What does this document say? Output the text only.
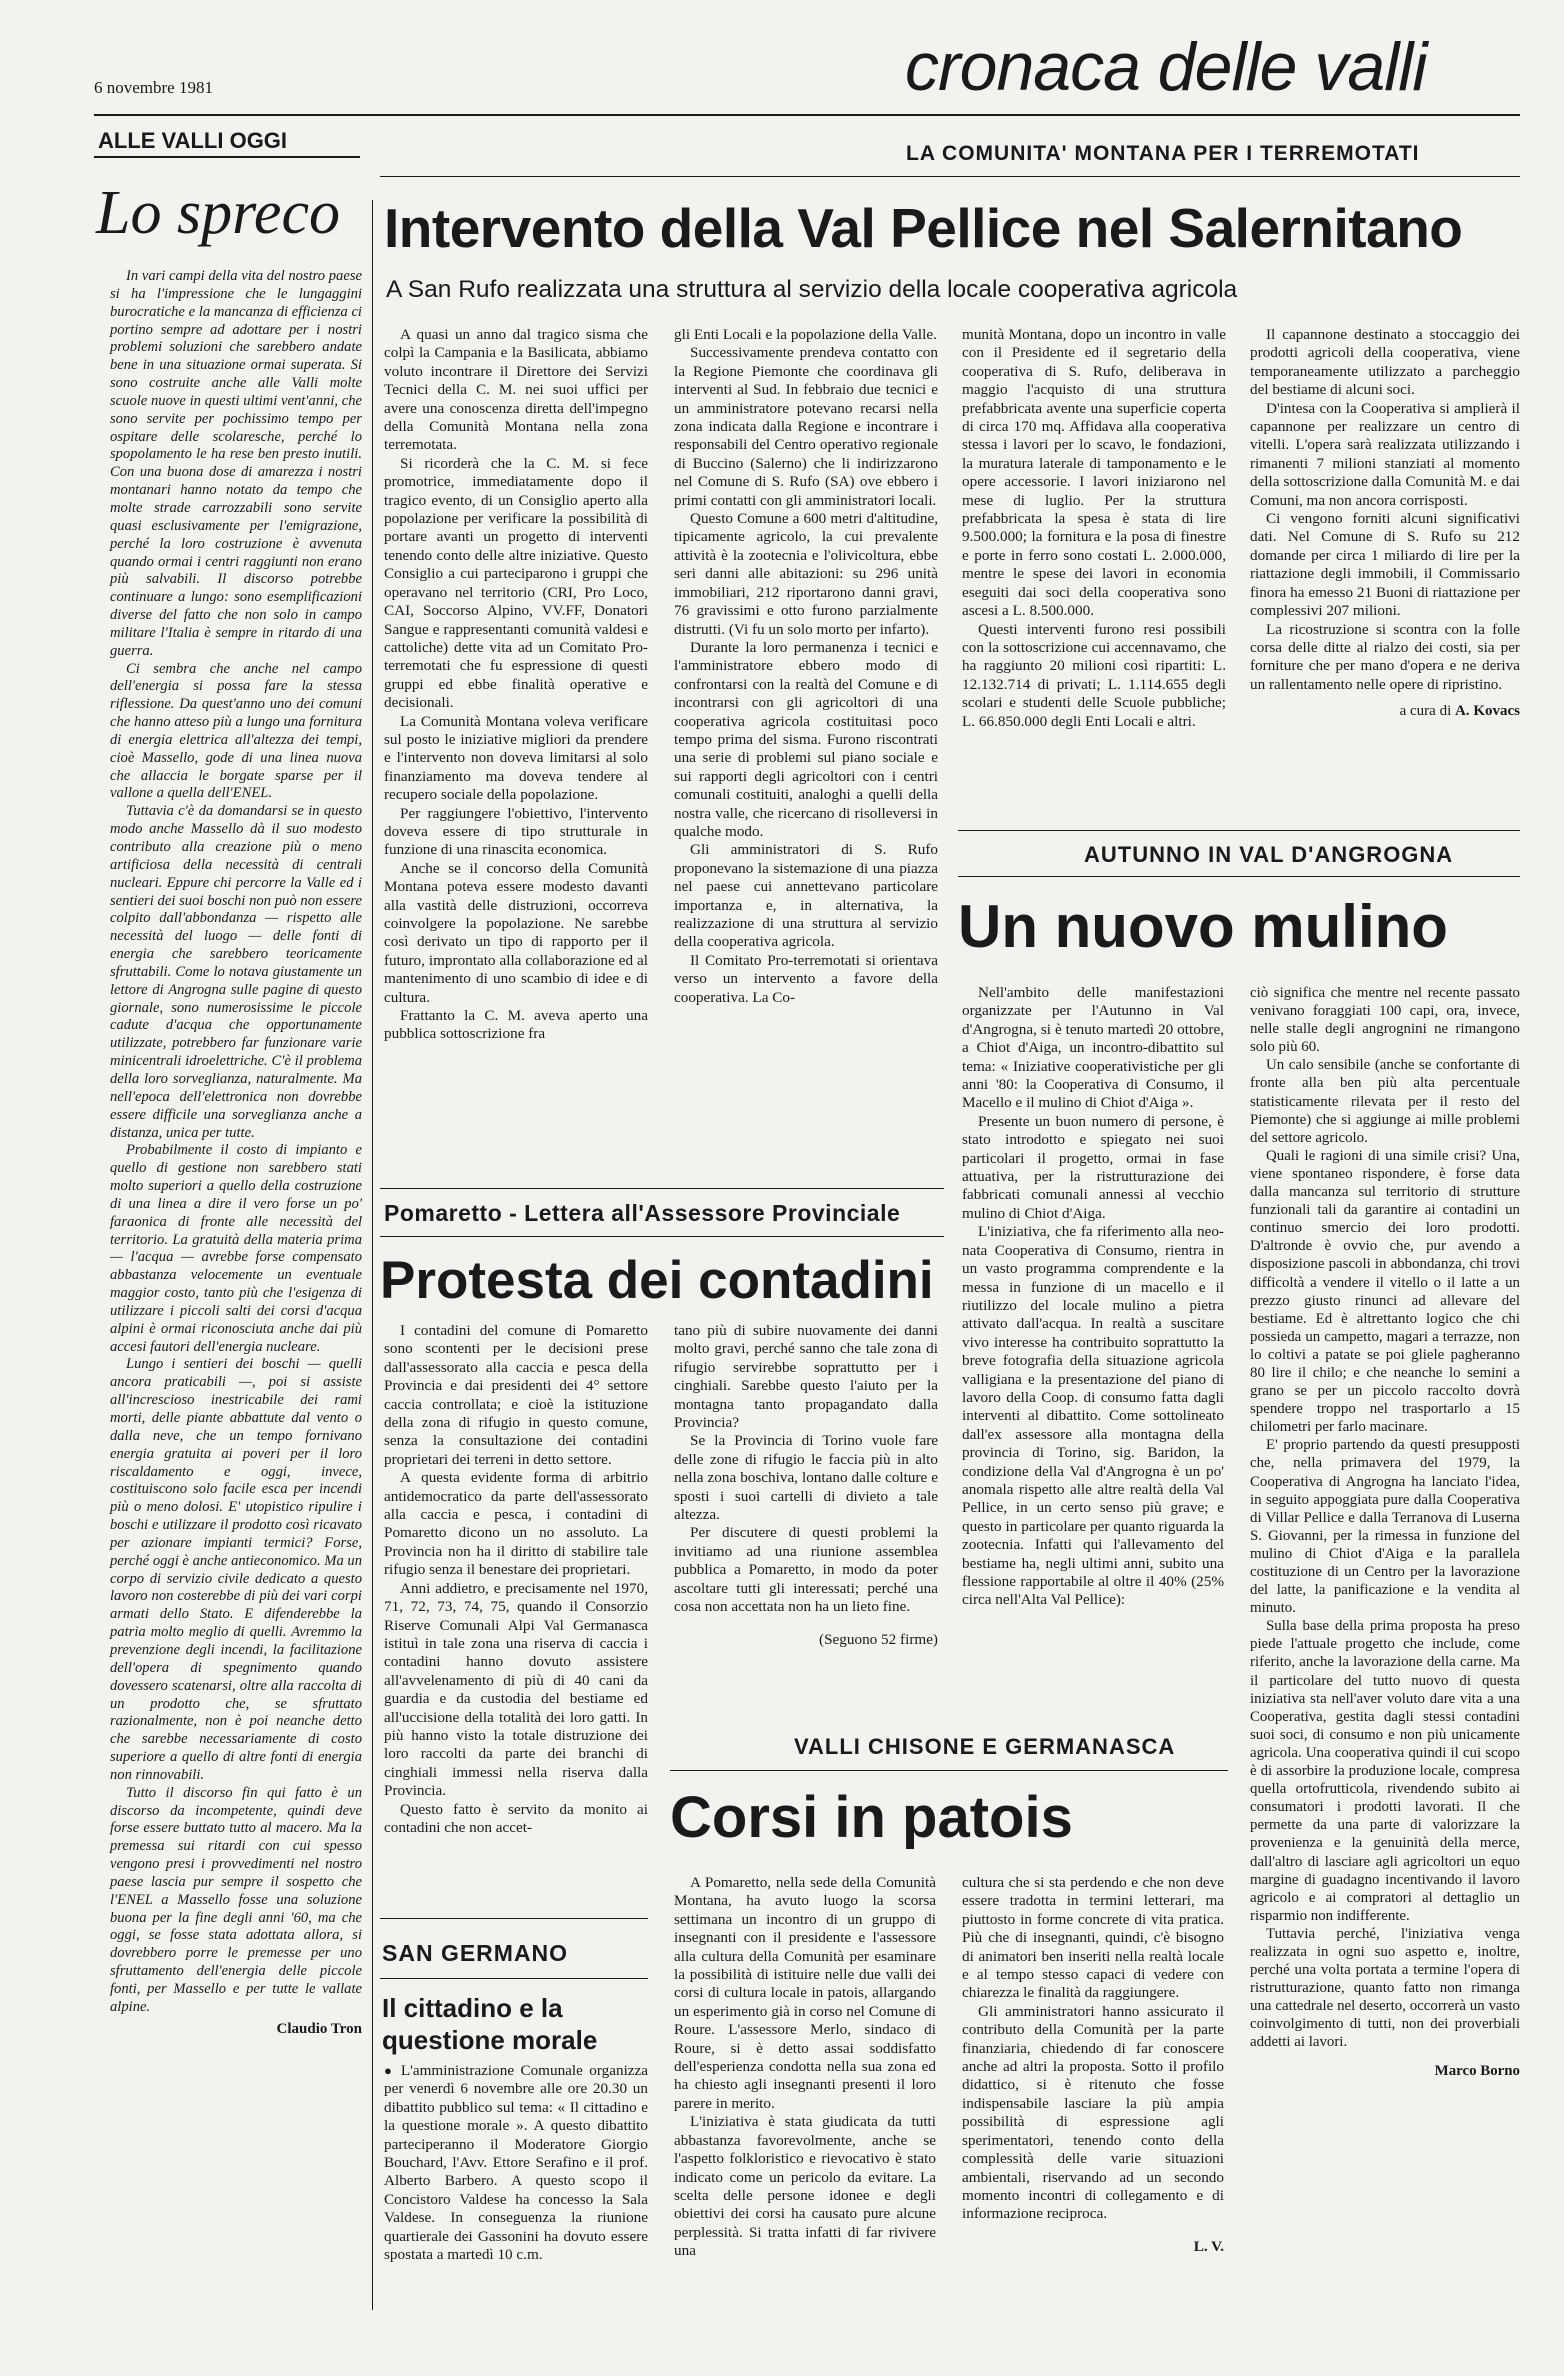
6 novembre 1981	cronaca delle valli
ALLE VALLI OGGI
Lo spreco

In vari campi della vita del nostro paese si ha l'impressione che le lungaggini burocratiche e la mancanza di efficienza ci portino sempre ad adottare per i nostri problemi soluzioni che sarebbero andate bene in una situazione ormai superata. Si sono costruite anche alle Valli molte scuole nuove in questi ultimi vent'anni, che sono servite per pochissimo tempo per ospitare delle scolaresche, perché lo spopolamento le ha rese ben presto inutili. Con una buona dose di amarezza i nostri montanari hanno notato da tempo che molte strade carrozzabili sono servite quasi esclusivamente per l'emigrazione, perché la loro costruzione è avvenuta quando ormai i centri raggiunti non erano più salvabili. Il discorso potrebbe continuare a lungo: sono esemplificazioni diverse del fatto che non solo in campo militare l'Italia è sempre in ritardo di una guerra.

Ci sembra che anche nel campo dell'energia si possa fare la stessa riflessione. Da quest'anno uno dei comuni che hanno atteso più a lungo una fornitura di energia elettrica all'altezza dei tempi, cioè Massello, gode di una linea nuova che allaccia le borgate sparse per il vallone a quella dell'ENEL.

Tuttavia c'è da domandarsi se in questo modo anche Massello dà il suo modesto contributo alla creazione più o meno artificiosa della necessità di centrali nucleari. Eppure chi percorre la Valle ed i sentieri dei suoi boschi non può non essere colpito dall'abbondanza — rispetto alle necessità del luogo — delle fonti di energia che sarebbero teoricamente sfruttabili. Come lo notava giustamente un lettore di Angrogna sulle pagine di questo giornale, sono numerosissime le piccole cadute d'acqua che opportunamente utilizzate, potrebbero far funzionare varie minicentrali idroelettriche. C'è il problema della loro sorveglianza, naturalmente. Ma nell'epoca dell'elettronica non dovrebbe essere difficile una sorveglianza anche a distanza, unica per tutte.

Probabilmente il costo di impianto e quello di gestione non sarebbero stati molto superiori a quello della costruzione di una linea a dire il vero forse un po' faraonica di fronte alle necessità del territorio. La gratuità della materia prima — l'acqua — avrebbe forse compensato abbastanza velocemente un eventuale maggior costo, tanto più che l'esigenza di utilizzare i piccoli salti dei corsi d'acqua alpini è ormai riconosciuta anche dai più accesi fautori dell'energia nucleare.

Lungo i sentieri dei boschi — quelli ancora praticabili —, poi si assiste all'increscioso inestricabile dei rami morti, delle piante abbattute dal vento o dalla neve, che un tempo fornivano energia gratuita ai poveri per il loro riscaldamento e oggi, invece, costituiscono solo facile esca per incendi più o meno dolosi. E' utopistico ripulire i boschi e utilizzare il prodotto così ricavato per azionare impianti termici? Forse, perché oggi è anche antieconomico. Ma un corpo di servizio civile dedicato a questo lavoro non costerebbe di più dei vari corpi armati dello Stato. E difenderebbe la patria molto meglio di quelli. Avremmo la prevenzione degli incendi, la facilitazione dell'opera di spegnimento quando dovessero scatenarsi, oltre alla raccolta di un prodotto che, se sfruttato razionalmente, non è poi neanche detto che sarebbe necessariamente di costo superiore a quello di altre fonti di energia non rinnovabili.

Tutto il discorso fin qui fatto è un discorso da incompetente, quindi deve forse essere buttato tutto al macero. Ma la premessa sui ritardi con cui spesso vengono presi i provvedimenti nel nostro paese lascia pur sempre il sospetto che l'ENEL a Massello fosse una soluzione buona per la fine degli anni '60, ma che oggi, se fosse stata adottata allora, si dovrebbero porre le premesse per uno sfruttamento dell'energia delle piccole fonti, per Massello e per tutte le vallate alpine.

Claudio Tron
LA COMUNITA' MONTANA PER I TERREMOTATI
Intervento della Val Pellice nel Salernitano
A San Rufo realizzata una struttura al servizio della locale cooperativa agricola

A quasi un anno dal tragico sisma che colpì la Campania e la Basilicata, abbiamo voluto incontrare il Direttore dei Servizi Tecnici della C. M. nei suoi uffici per avere una conoscenza diretta dell'impegno della Comunità Montana nella zona terremotata.

Si ricorderà che la C. M. si fece promotrice, immediatamente dopo il tragico evento, di un Consiglio aperto alla popolazione per verificare la possibilità di portare avanti un progetto di interventi tenendo conto delle altre iniziative. Questo Consiglio a cui parteciparono i gruppi che operavano nel territorio (CRI, Pro Loco, CAI, Soccorso Alpino, VV.FF, Donatori Sangue e rappresentanti comunità valdesi e cattoliche) dette vita ad un Comitato Pro-terremotati che fu espressione di questi gruppi ed ebbe finalità operative e decisionali.

La Comunità Montana voleva verificare sul posto le iniziative migliori da prendere e l'intervento non doveva limitarsi al solo finanziamento ma doveva tendere al recupero sociale della popolazione.

Per raggiungere l'obiettivo, l'intervento doveva essere di tipo strutturale in funzione di una rinascita economica.

Anche se il concorso della Comunità Montana poteva essere modesto davanti alla vastità delle distruzioni, occorreva coinvolgere la popolazione. Ne sarebbe così derivato un tipo di rapporto per il futuro, improntato alla collaborazione ed al mantenimento di uno scambio di idee e di cultura.

Frattanto la C. M. aveva aperto una pubblica sottoscrizione fra

gli Enti Locali e la popolazione della Valle.

Successivamente prendeva contatto con la Regione Piemonte che coordinava gli interventi al Sud. In febbraio due tecnici e un amministratore potevano recarsi nella zona indicata dalla Regione e incontrare i responsabili del Centro operativo regionale di Buccino (Salerno) che li indirizzarono nel Comune di S. Rufo (SA) ove ebbero i primi contatti con gli amministratori locali.

Questo Comune a 600 metri d'altitudine, tipicamente agricolo, la cui prevalente attività è la zootecnia e l'olivicoltura, ebbe seri danni alle abitazioni: su 296 unità immobiliari, 212 riportarono danni gravi, 76 gravissimi e otto furono parzialmente distrutti. (Vi fu un solo morto per infarto).

Durante la loro permanenza i tecnici e l'amministratore ebbero modo di confrontarsi con la realtà del Comune e di incontrarsi con gli agricoltori di una cooperativa agricola costituitasi poco tempo prima del sisma. Furono riscontrati una serie di problemi sul piano sociale e sui rapporti degli agricoltori con i centri comunali costituiti, analoghi a quelli della nostra valle, che ricercano di risolleversi in qualche modo.

Gli amministratori di S. Rufo proponevano la sistemazione di una piazza nel paese cui annettevano particolare importanza e, in alternativa, la realizzazione di una struttura al servizio della cooperativa agricola.

Il Comitato Pro-terremotati si orientava verso un intervento a favore della cooperativa. La Co-

munità Montana, dopo un incontro in valle con il Presidente ed il segretario della cooperativa di S. Rufo, deliberava in maggio l'acquisto di una struttura prefabbricata avente una superficie coperta di circa 170 mq. Affidava alla cooperativa stessa i lavori per lo scavo, le fondazioni, la muratura laterale di tamponamento e le opere accessorie. I lavori iniziarono nel mese di luglio. Per la struttura prefabbricata la spesa è stata di lire 9.500.000; la fornitura e la posa di finestre e porte in ferro sono costati L. 2.000.000, mentre le spese dei lavori in economia eseguiti dai soci della cooperativa sono ascesi a L. 8.500.000.

Questi interventi furono resi possibili con la sottoscrizione cui accennavamo, che ha raggiunto 20 milioni così ripartiti: L. 12.132.714 di privati; L. 1.114.655 degli scolari e studenti delle Scuole pubbliche; L. 66.850.000 degli Enti Locali e altri.

Il capannone destinato a stoccaggio dei prodotti agricoli della cooperativa, viene temporaneamente utilizzato a parcheggio del bestiame di alcuni soci.

D'intesa con la Cooperativa si amplierà il capannone per realizzare un centro di vitelli. L'opera sarà realizzata utilizzando i rimanenti 7 milioni stanziati al momento della sottoscrizione dalla Comunità M. e dai Comuni, ma non ancora corrisposti.

Ci vengono forniti alcuni significativi dati. Nel Comune di S. Rufo su 212 domande per circa 1 miliardo di lire per la riattazione degli immobili, il Commissario finora ha emesso 21 Buoni di riattazione per complessivi 207 milioni.

La ricostruzione si scontra con la folle corsa delle ditte al rialzo dei costi, sia per forniture che per mano d'opera e ne deriva un rallentamento nelle opere di ripristino.

a cura di A. Kovacs
Pomaretto - Lettera all'Assessore Provinciale
Protesta dei contadini

I contadini del comune di Pomaretto sono scontenti per le decisioni prese dall'assessorato alla caccia e pesca della Provincia e dai presidenti dei 4° settore caccia controllata; e cioè la istituzione della zona di rifugio in questo comune, senza la consultazione dei contadini proprietari dei terreni in detto settore.

A questa evidente forma di arbitrio antidemocratico da parte dell'assessorato alla caccia e pesca, i contadini di Pomaretto dicono un no assoluto. La Provincia non ha il diritto di stabilire tale rifugio senza il benestare dei proprietari.

Anni addietro, e precisamente nel 1970, 71, 72, 73, 74, 75, quando il Consorzio Riserve Comunali Alpi Val Germanasca istituì in tale zona una riserva di caccia i contadini hanno dovuto assistere all'avvelenamento di più di 40 cani da guardia e da custodia del bestiame ed all'uccisione della totalità dei loro gatti. In più hanno visto la totale distruzione dei loro raccolti da parte dei branchi di cinghiali immessi nella riserva dalla Provincia.

Questo fatto è servito da monito ai contadini che non accet-

tano più di subire nuovamente dei danni molto gravi, perché sanno che tale zona di rifugio servirebbe soprattutto per i cinghiali. Sarebbe questo l'aiuto per la montagna tanto propagandato dalla Provincia?

Se la Provincia di Torino vuole fare delle zone di rifugio le faccia più in alto nella zona boschiva, lontano dalle colture e sposti i suoi cartelli di divieto a tale altezza.

Per discutere di questi problemi la invitiamo ad una riunione assemblea pubblica a Pomaretto, in modo da poter ascoltare tutti gli interessati; perché una cosa non accettata non ha un lieto fine.

(Seguono 52 firme)
SAN GERMANO
Il cittadino e la questione morale

● L'amministrazione Comunale organizza per venerdì 6 novembre alle ore 20.30 un dibattito pubblico sul tema: « Il cittadino e la questione morale ». A questo dibattito parteciperanno il Moderatore Giorgio Bouchard, l'Avv. Ettore Serafino e il prof. Alberto Barbero. A questo scopo il Concistoro Valdese ha concesso la Sala Valdese. In conseguenza la riunione quartierale dei Gassonini ha dovuto essere spostata a martedì 10 c.m.

VALLI CHISONE E GERMANASCA
Corsi in patois

A Pomaretto, nella sede della Comunità Montana, ha avuto luogo la scorsa settimana un incontro di un gruppo di insegnanti con il presidente e l'assessore alla cultura della Comunità per esaminare la possibilità di istituire nelle due valli dei corsi di cultura locale in patois, allargando un esperimento già in corso nel Comune di Roure. L'assessore Merlo, sindaco di Roure, si è detto assai soddisfatto dell'esperienza condotta nella sua zona ed ha chiesto agli insegnanti presenti il loro parere in merito.

L'iniziativa è stata giudicata da tutti abbastanza favorevolmente, anche se l'aspetto folkloristico e rievocativo è stato indicato come un pericolo da evitare. La scelta delle persone idonee e degli obiettivi dei corsi ha causato pure alcune perplessità. Si tratta infatti di far rivivere una

cultura che si sta perdendo e che non deve essere tradotta in termini letterari, ma piuttosto in forme concrete di vita pratica. Più che di insegnanti, quindi, c'è bisogno di animatori ben inseriti nella realtà locale e al tempo stesso capaci di vedere con chiarezza le finalità da raggiungere.

Gli amministratori hanno assicurato il contributo della Comunità per la parte finanziaria, chiedendo di far conoscere anche ad altri la proposta. Sotto il profilo didattico, si è ritenuto che fosse indispensabile lasciare la più ampia possibilità di espressione agli sperimentatori, tenendo conto della complessità delle varie situazioni ambientali, riservando ad un secondo momento incontri di collegamento e di informazione reciproca.

L. V.
AUTUNNO IN VAL D'ANGROGNA
Un nuovo mulino

Nell'ambito delle manifestazioni organizzate per l'Autunno in Val d'Angrogna, si è tenuto martedì 20 ottobre, a Chiot d'Aiga, un incontro-dibattito sul tema: « Iniziative cooperativistiche per gli anni '80: la Cooperativa di Consumo, il Macello e il mulino di Chiot d'Aiga ».

Presente un buon numero di persone, è stato introdotto e spiegato nei suoi particolari il progetto, ormai in fase attuativa, per la ristrutturazione dei fabbricati comunali annessi al vecchio mulino di Chiot d'Aiga.

L'iniziativa, che fa riferimento alla neo-nata Cooperativa di Consumo, rientra in un vasto programma comprendente e la messa in funzione di un macello e il riutilizzo del locale mulino a pietra attivato dall'acqua. In realtà a suscitare vivo interesse ha contribuito soprattutto la breve fotografia della situazione agricola valligiana e la presentazione del piano di lavoro della Coop. di consumo fatta dagli interventi al dibattito. Come sottolineato dall'ex assessore alla montagna della provincia di Torino, sig. Baridon, la condizione della Val d'Angrogna è un po' anomala rispetto alle altre realtà della Val Pellice, in un certo senso più grave; e questo in particolare per quanto riguarda la zootecnia. Infatti qui l'allevamento del bestiame ha, negli ultimi anni, subito una flessione rapportabile al oltre il 40% (25% circa nell'Alta Val Pellice):

ciò significa che mentre nel recente passato venivano foraggiati 100 capi, ora, invece, nelle stalle degli angrognini ne rimangono solo più 60.

Un calo sensibile (anche se confortante di fronte alla ben più alta percentuale statisticamente rilevata per il resto del Piemonte) che si aggiunge ai mille problemi del settore agricolo.

Quali le ragioni di una simile crisi? Una, viene spontaneo rispondere, è forse data dalla mancanza sul territorio di strutture funzionali tali da garantire ai contadini un continuo smercio dei loro prodotti. D'altronde è ovvio che, pur avendo a disposizione pascoli in abbondanza, chi trovi difficoltà a vendere il vitello o il latte a un prezzo giusto rinunci ad allevare del bestiame. Ed è altrettanto logico che chi possieda un campetto, magari a terrazze, non lo coltivi a patate se poi gliele pagheranno 80 lire il chilo; e che neanche lo semini a grano se per un piccolo raccolto dovrà spendere troppo nel trasportarlo a 15 chilometri per farlo macinare.

E' proprio partendo da questi presupposti che, nella primavera del 1979, la Cooperativa di Angrogna ha lanciato l'idea, in seguito appoggiata pure dalla Cooperativa di Villar Pellice e dalla Terranova di Luserna S. Giovanni, per la rimessa in funzione del mulino di Chiot d'Aiga e la parallela costituzione di un Centro per la lavorazione del latte, la panificazione e la vendita al minuto.

Sulla base della prima proposta ha preso piede l'attuale progetto che include, come riferito, anche la lavorazione della carne. Ma il particolare del tutto nuovo di questa iniziativa sta nell'aver voluto dare vita a una Cooperativa, gestita dagli stessi contadini suoi soci, di consumo e non più unicamente agricola. Una cooperativa quindi il cui scopo è di assorbire la produzione locale, compresa quella ortofrutticola, rivendendo subito ai consumatori i prodotti lavorati. Il che permette da una parte di valorizzare la provenienza e la genuinità della merce, dall'altro di lasciare agli agricoltori un equo margine di guadagno incentivando il lavoro agricolo e ai compratori al dettaglio un risparmio non indifferente.

Tuttavia perché, l'iniziativa venga realizzata in ogni suo aspetto e, inoltre, perché una volta portata a termine l'opera di ristrutturazione, quanto fatto non rimanga una cattedrale nel deserto, occorrerà un vasto coinvolgimento di tutti, non dei proverbiali addetti ai lavori.

Marco Borno
